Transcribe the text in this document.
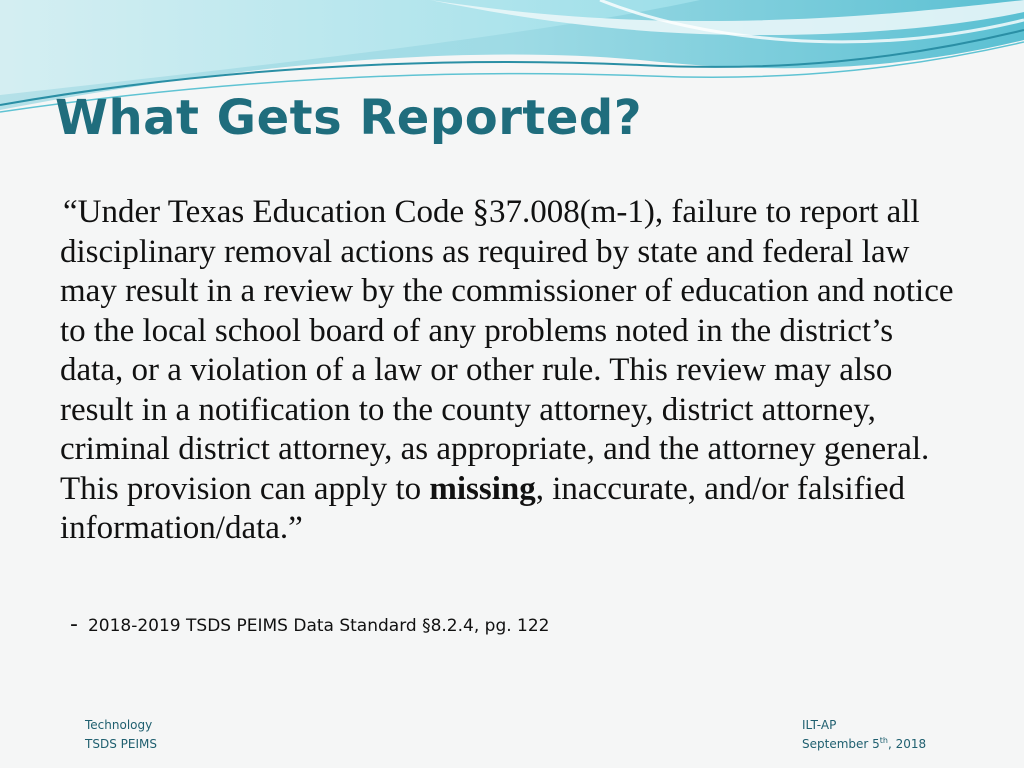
What Gets Reported?

“Under Texas Education Code §37.008(m-1), failure to report all disciplinary removal actions as required by state and federal law may result in a review by the commissioner of education and notice to the local school board of any problems noted in the district’s data, or a violation of a law or other rule. This review may also result in a notification to the county attorney, district attorney, criminal district attorney, as appropriate, and the attorney general. This provision can apply to missing, inaccurate, and/or falsified information/data.”

- 2018-2019 TSDS PEIMS Data Standard §8.2.4, pg. 122
Technology
TSDS PEIMS
ILT-AP
September 5th, 2018
